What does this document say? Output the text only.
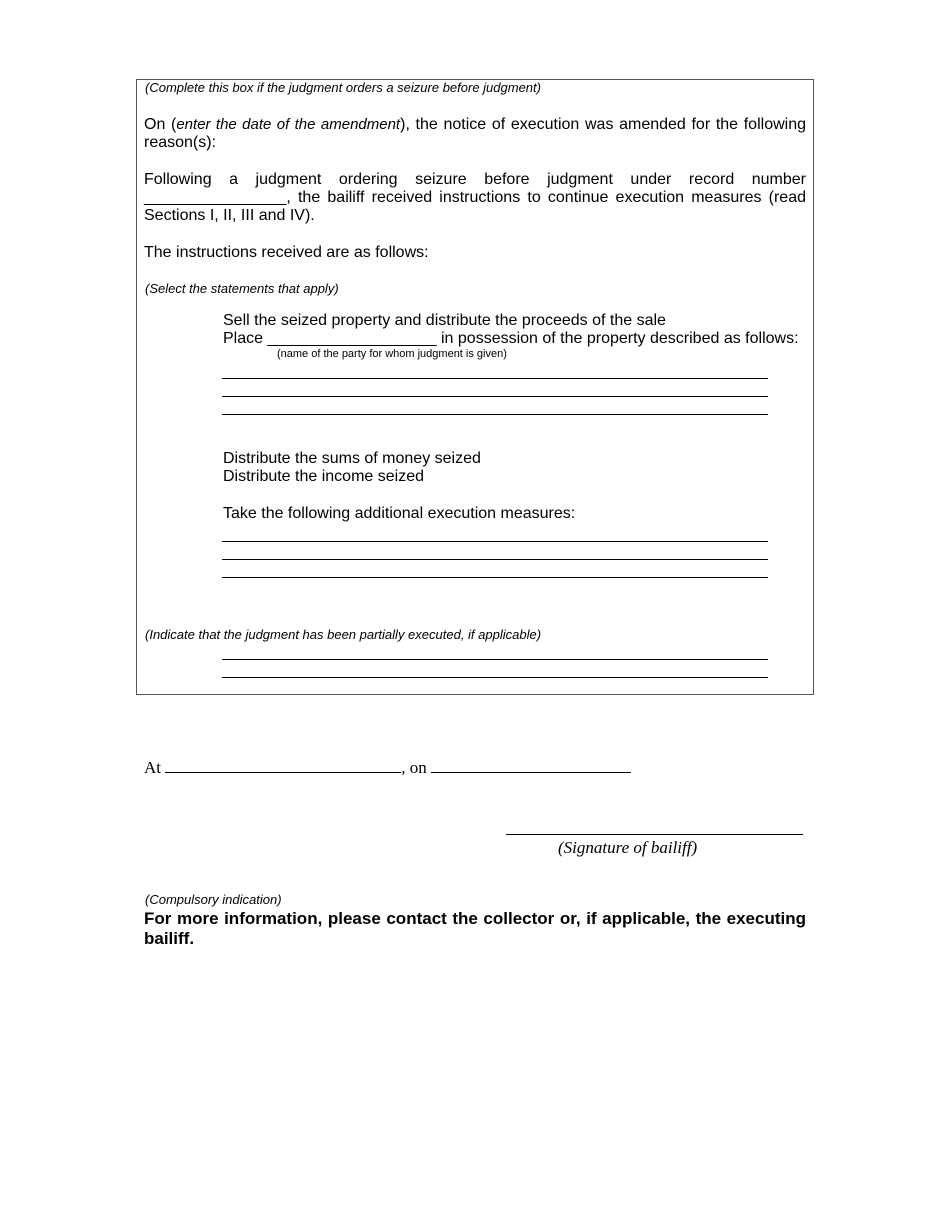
(Complete this box if the judgment orders a seizure before judgment)
On (enter the date of the amendment), the notice of execution was amended for the following reason(s):
Following a judgment ordering seizure before judgment under record number ________________, the bailiff received instructions to continue execution measures (read Sections I, II, III and IV).
The instructions received are as follows:
(Select the statements that apply)
Sell the seized property and distribute the proceeds of the sale
Place ___________________ in possession of the property described as follows:
(name of the party for whom judgment is given)
Distribute the sums of money seized
Distribute the income seized
Take the following additional execution measures:
(Indicate that the judgment has been partially executed, if applicable)
At	, on
(Signature of bailiff)
(Compulsory indication)
For more information, please contact the collector or, if applicable, the executing bailiff.
